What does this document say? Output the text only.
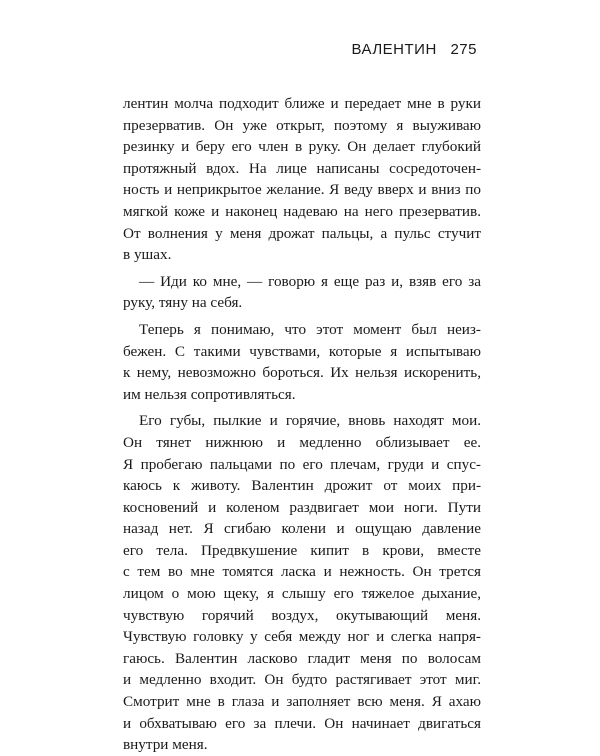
ВАЛЕНТИН 275
лентин молча подходит ближе и передает мне в руки
презерватив. Он уже открыт, поэтому я выуживаю
резинку и беру его член в руку. Он делает глубокий
протяжный вдох. На лице написаны сосредоточен-
ность и неприкрытое желание. Я веду вверх и вниз по
мягкой коже и наконец надеваю на него презерватив.
От волнения у меня дрожат пальцы, а пульс стучит
в ушах.
— Иди ко мне, — говорю я еще раз и, взяв его за
руку, тяну на себя.
Теперь я понимаю, что этот момент был неиз-
бежен. С такими чувствами, которые я испытываю
к нему, невозможно бороться. Их нельзя искоренить,
им нельзя сопротивляться.
Его губы, пылкие и горячие, вновь находят мои.
Он тянет нижнюю и медленно облизывает ее.
Я пробегаю пальцами по его плечам, груди и спус-
каюсь к животу. Валентин дрожит от моих при-
косновений и коленом раздвигает мои ноги. Пути
назад нет. Я сгибаю колени и ощущаю давление
его тела. Предвкушение кипит в крови, вместе
с тем во мне томятся ласка и нежность. Он трется
лицом о мою щеку, я слышу его тяжелое дыхание,
чувствую горячий воздух, окутывающий меня.
Чувствую головку у себя между ног и слегка напря-
гаюсь. Валентин ласково гладит меня по волосам
и медленно входит. Он будто растягивает этот миг.
Смотрит мне в глаза и заполняет всю меня. Я ахаю
и обхватываю его за плечи. Он начинает двигаться
внутри меня.
